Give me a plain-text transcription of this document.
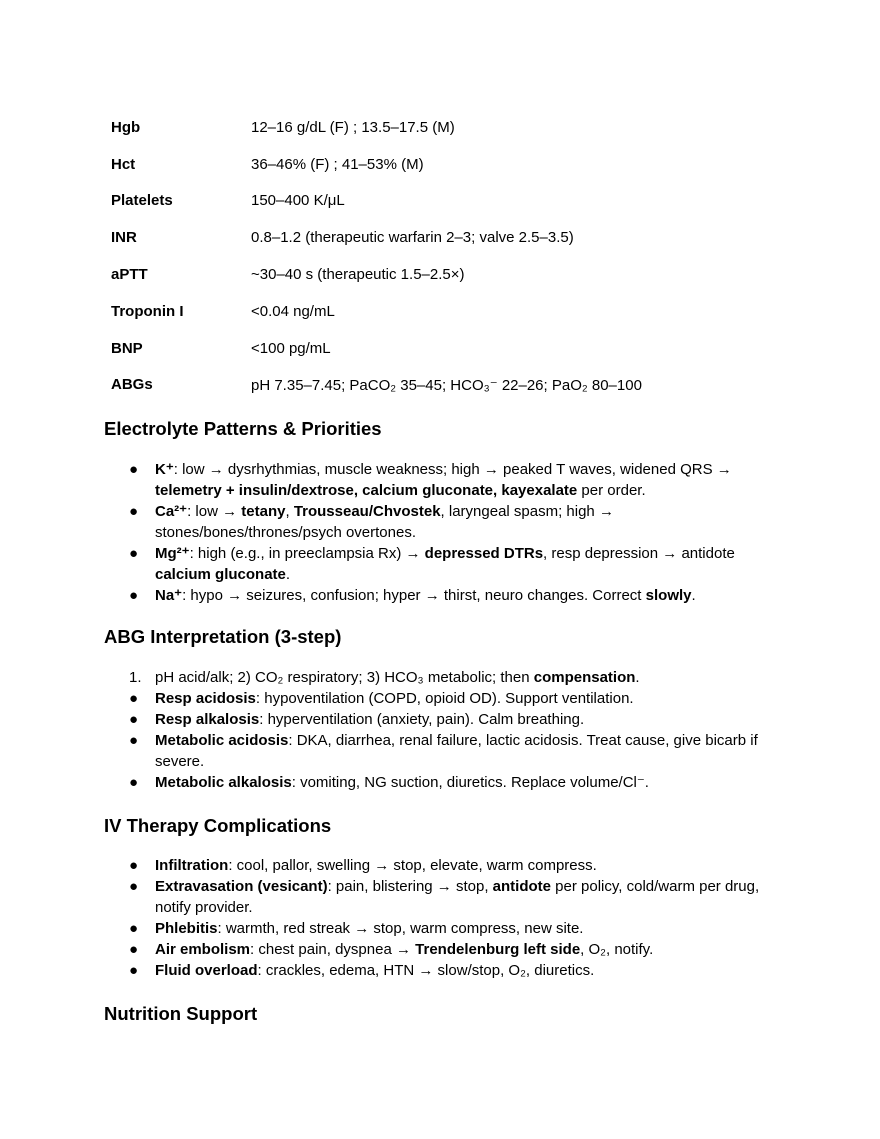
Hgb	12–16 g/dL (F) ; 13.5–17.5 (M)
Hct	36–46% (F) ; 41–53% (M)
Platelets	150–400 K/μL
INR	0.8–1.2 (therapeutic warfarin 2–3; valve 2.5–3.5)
aPTT	~30–40 s (therapeutic 1.5–2.5×)
Troponin I	<0.04 ng/mL
BNP	<100 pg/mL
ABGs	pH 7.35–7.45; PaCO₂ 35–45; HCO₃⁻ 22–26; PaO₂ 80–100
Electrolyte Patterns & Priorities
● K⁺: low → dysrhythmias, muscle weakness; high → peaked T waves, widened QRS → telemetry + insulin/dextrose, calcium gluconate, kayexalate per order.
● Ca²⁺: low → tetany, Trousseau/Chvostek, laryngeal spasm; high → stones/bones/thrones/psych overtones.
● Mg²⁺: high (e.g., in preeclampsia Rx) → depressed DTRs, resp depression → antidote calcium gluconate.
● Na⁺: hypo → seizures, confusion; hyper → thirst, neuro changes. Correct slowly.
ABG Interpretation (3‑step)
1. pH acid/alk; 2) CO₂ respiratory; 3) HCO₃ metabolic; then compensation.
● Resp acidosis: hypoventilation (COPD, opioid OD). Support ventilation.
● Resp alkalosis: hyperventilation (anxiety, pain). Calm breathing.
● Metabolic acidosis: DKA, diarrhea, renal failure, lactic acidosis. Treat cause, give bicarb if severe.
● Metabolic alkalosis: vomiting, NG suction, diuretics. Replace volume/Cl⁻.
IV Therapy Complications
● Infiltration: cool, pallor, swelling → stop, elevate, warm compress.
● Extravasation (vesicant): pain, blistering → stop, antidote per policy, cold/warm per drug, notify provider.
● Phlebitis: warmth, red streak → stop, warm compress, new site.
● Air embolism: chest pain, dyspnea → Trendelenburg left side, O₂, notify.
● Fluid overload: crackles, edema, HTN → slow/stop, O₂, diuretics.
Nutrition Support
